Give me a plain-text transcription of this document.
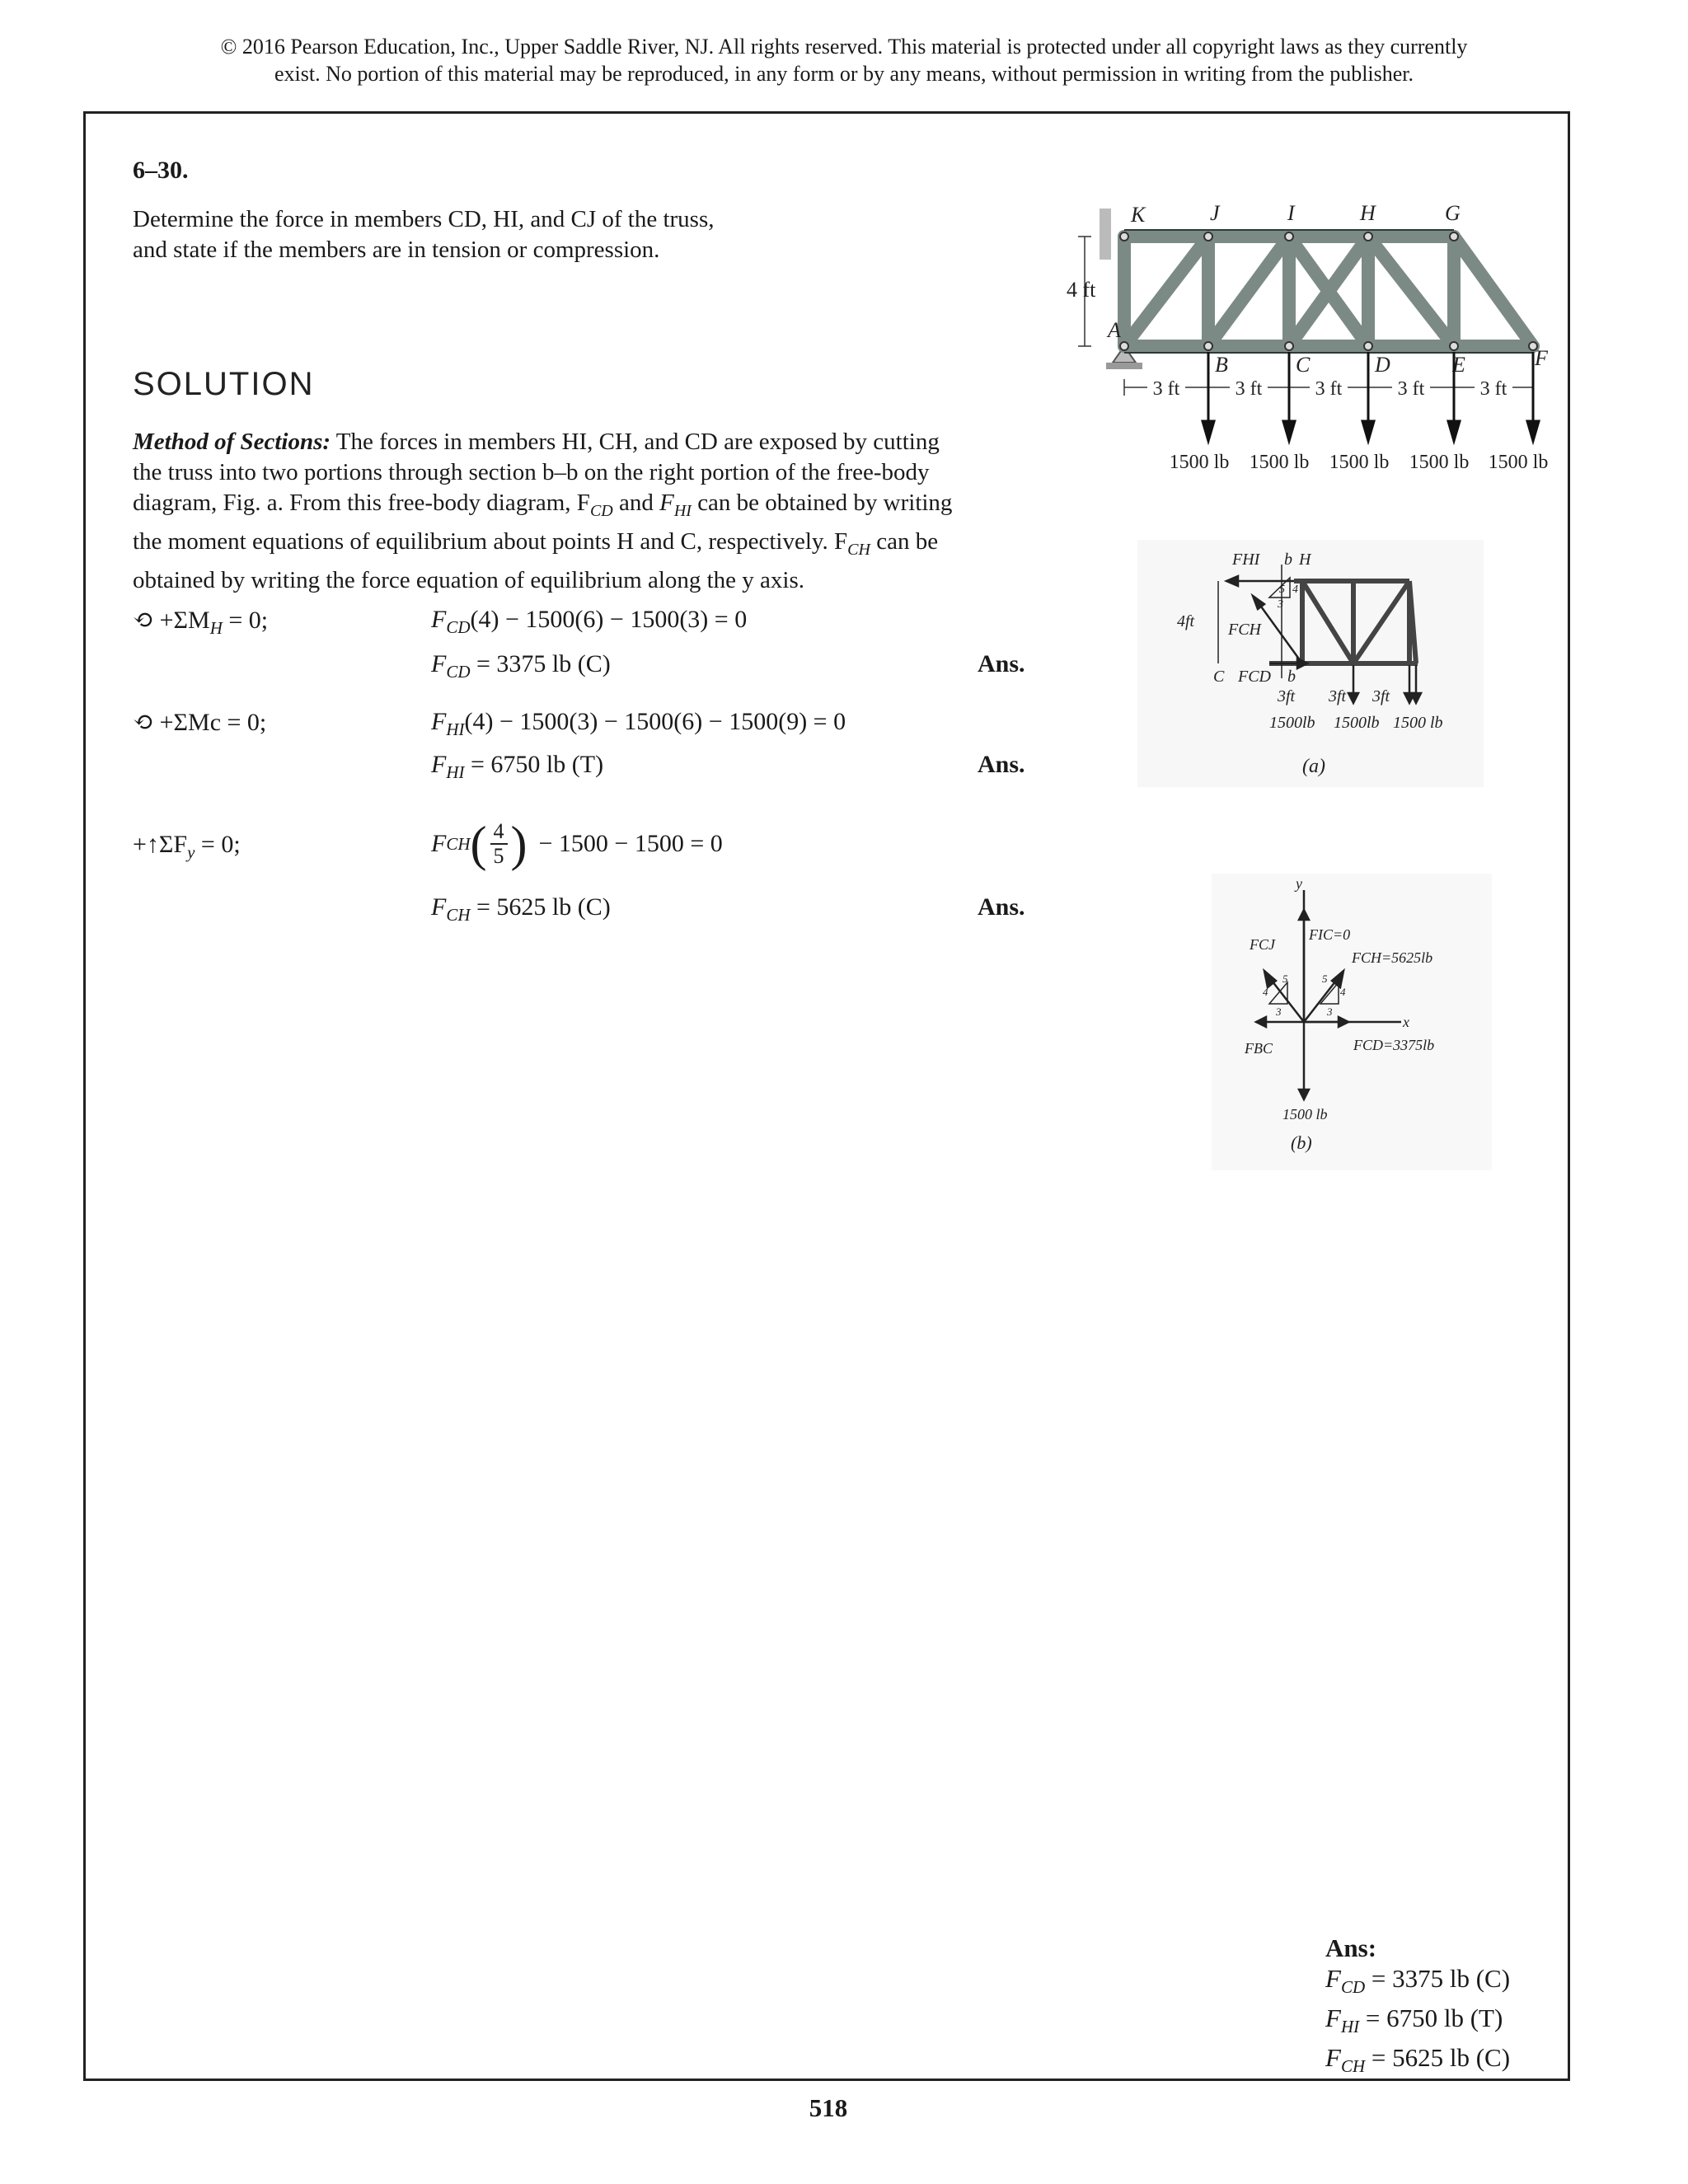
© 2016 Pearson Education, Inc., Upper Saddle River, NJ. All rights reserved. This material is protected under all copyright laws as they currently
exist. No portion of this material may be reproduced, in any form or by any means, without permission in writing from the publisher.
6–30.
Determine the force in members CD, HI, and CJ of the truss,
and state if the members are in tension or compression.
K	J	I	H	G
A
B	C	D	E	F
4 ft
3 ft	3 ft	3 ft	3 ft	3 ft
1500 lb 1500 lb 1500 lb 1500 lb 1500 lb
SOLUTION
Method of Sections: The forces in members HI, CH, and CD are exposed by cutting
the truss into two portions through section b–b on the right portion of the free-body
diagram, Fig. a. From this free-body diagram, $F_{CD}$ and $F_{HI}$ can be obtained by writing
the moment equations of equilibrium about points H and C, respectively. $F_{CH}$ can be
obtained by writing the force equation of equilibrium along the y axis.
⟲ $+\Sigma M_H = 0$;	$F_{CD}(4) - 1500(6) - 1500(3) = 0$
$F_{CD} = 3375$ lb (C)	Ans.
⟲ +ΣMc = 0;	$F_{HI}(4) - 1500(3) - 1500(6) - 1500(9) = 0$
$F_{HI} = 6750$ lb (T)	Ans.
$+↑\Sigma F_y = 0$;	F CH ( $\frac{4}{5}$ ) − 1500 − 1500 = 0
$F_{CH} = 5625$ lb (C)	Ans.
FHI b H
4ft FCH
5 4
3
C FCD b
3ft 3ft 3ft
1500lb 1500lb 1500 lb
(a)
y
x
FCJ
FIC=0
FCH=5625lb
FBC	FCD=3375lb
4
5
3
5
4
3
1500 lb
(b)
Ans:
$F_{CD} = 3375$ lb (C)
$F_{HI} = 6750$ lb (T)
$F_{CH} = 5625$ lb (C)
518
